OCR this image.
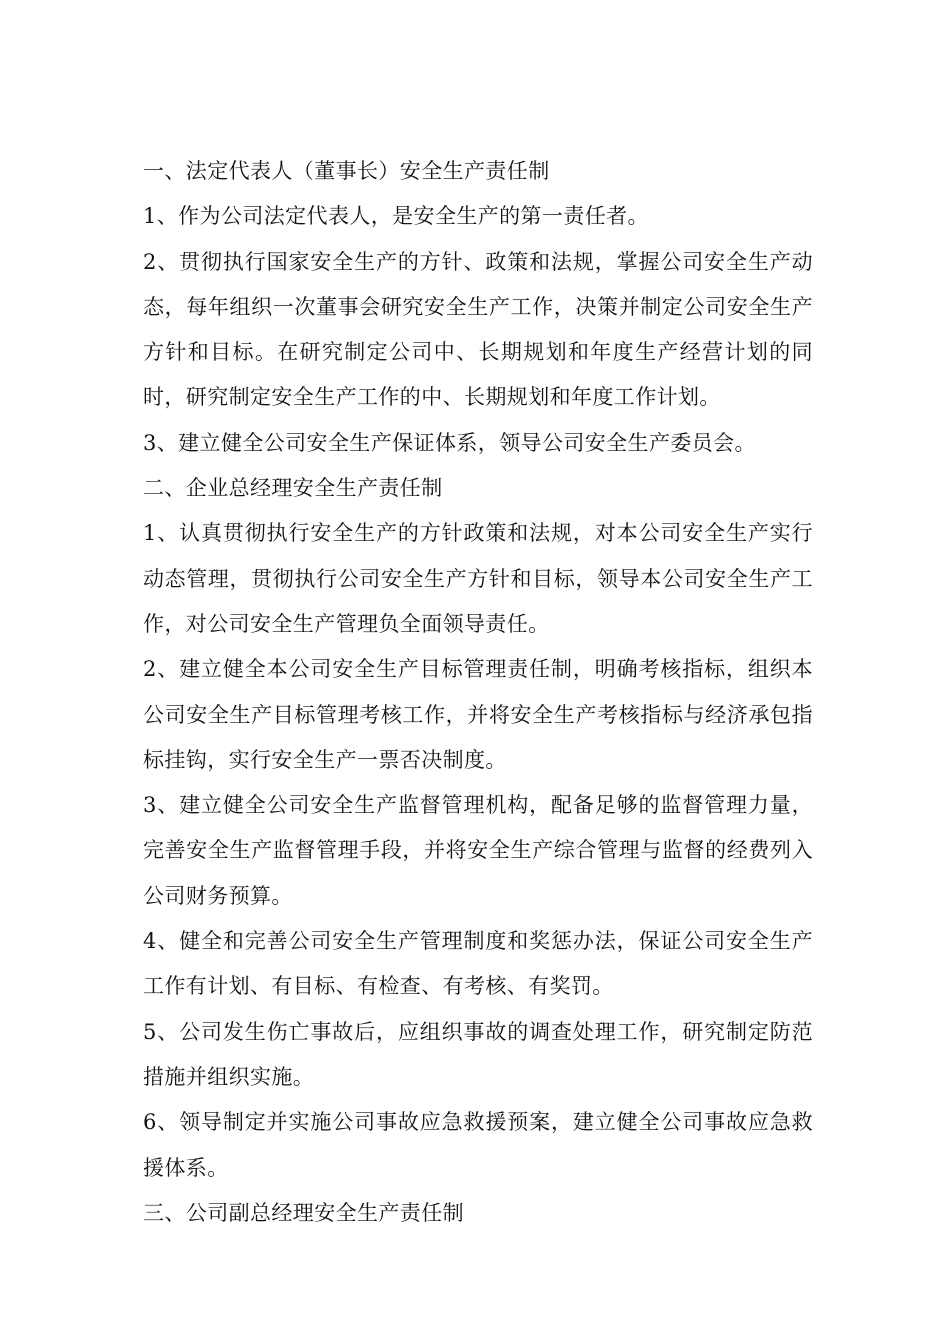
一、法定代表人（董事长）安全生产责任制

1、作为公司法定代表人，是安全生产的第一责任者。

2、贯彻执行国家安全生产的方针、政策和法规，掌握公司安全生产动态，每年组织一次董事会研究安全生产工作，决策并制定公司安全生产方针和目标。在研究制定公司中、长期规划和年度生产经营计划的同时，研究制定安全生产工作的中、长期规划和年度工作计划。

3、建立健全公司安全生产保证体系，领导公司安全生产委员会。

二、企业总经理安全生产责任制

1、认真贯彻执行安全生产的方针政策和法规，对本公司安全生产实行动态管理，贯彻执行公司安全生产方针和目标，领导本公司安全生产工作，对公司安全生产管理负全面领导责任。

2、建立健全本公司安全生产目标管理责任制，明确考核指标，组织本公司安全生产目标管理考核工作，并将安全生产考核指标与经济承包指标挂钩，实行安全生产一票否决制度。

3、建立健全公司安全生产监督管理机构，配备足够的监督管理力量，完善安全生产监督管理手段，并将安全生产综合管理与监督的经费列入公司财务预算。

4、健全和完善公司安全生产管理制度和奖惩办法，保证公司安全生产工作有计划、有目标、有检查、有考核、有奖罚。

5、公司发生伤亡事故后，应组织事故的调查处理工作，研究制定防范措施并组织实施。

6、领导制定并实施公司事故应急救援预案，建立健全公司事故应急救援体系。

三、公司副总经理安全生产责任制
